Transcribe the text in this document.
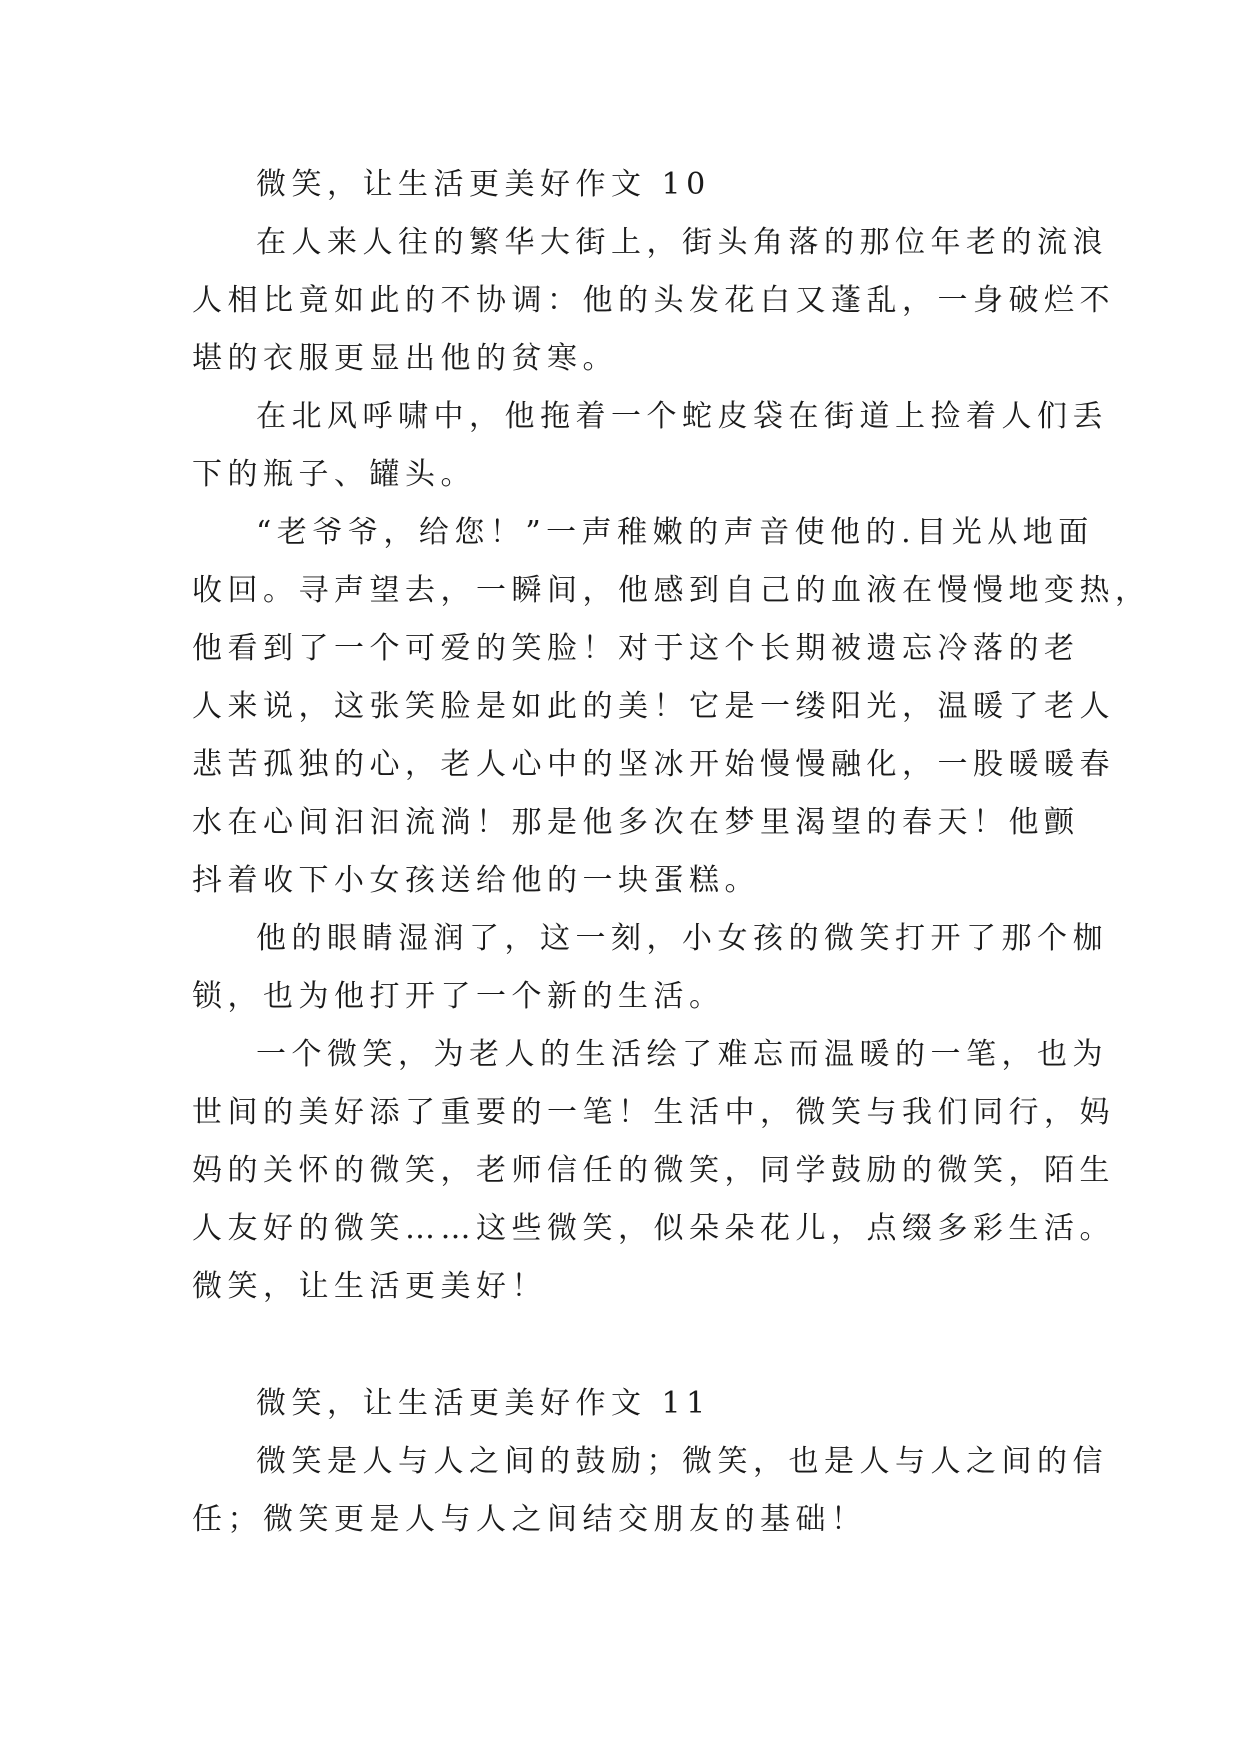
微笑，让生活更美好作文 10
在人来人往的繁华大街上，街头角落的那位年老的流浪
人相比竟如此的不协调：他的头发花白又蓬乱，一身破烂不
堪的衣服更显出他的贫寒。
在北风呼啸中，他拖着一个蛇皮袋在街道上捡着人们丢
下的瓶子、罐头。
“老爷爷，给您！”一声稚嫩的声音使他的.目光从地面
收回。寻声望去，一瞬间，他感到自己的血液在慢慢地变热，
他看到了一个可爱的笑脸！对于这个长期被遗忘冷落的老
人来说，这张笑脸是如此的美！它是一缕阳光，温暖了老人
悲苦孤独的心，老人心中的坚冰开始慢慢融化，一股暖暖春
水在心间汩汩流淌！那是他多次在梦里渴望的春天！他颤
抖着收下小女孩送给他的一块蛋糕。
他的眼睛湿润了，这一刻，小女孩的微笑打开了那个枷
锁，也为他打开了一个新的生活。
一个微笑，为老人的生活绘了难忘而温暖的一笔，也为
世间的美好添了重要的一笔！生活中，微笑与我们同行，妈
妈的关怀的微笑，老师信任的微笑，同学鼓励的微笑，陌生
人友好的微笑……这些微笑，似朵朵花儿，点缀多彩生活。
微笑，让生活更美好！
微笑，让生活更美好作文 11
微笑是人与人之间的鼓励；微笑，也是人与人之间的信
任；微笑更是人与人之间结交朋友的基础！
